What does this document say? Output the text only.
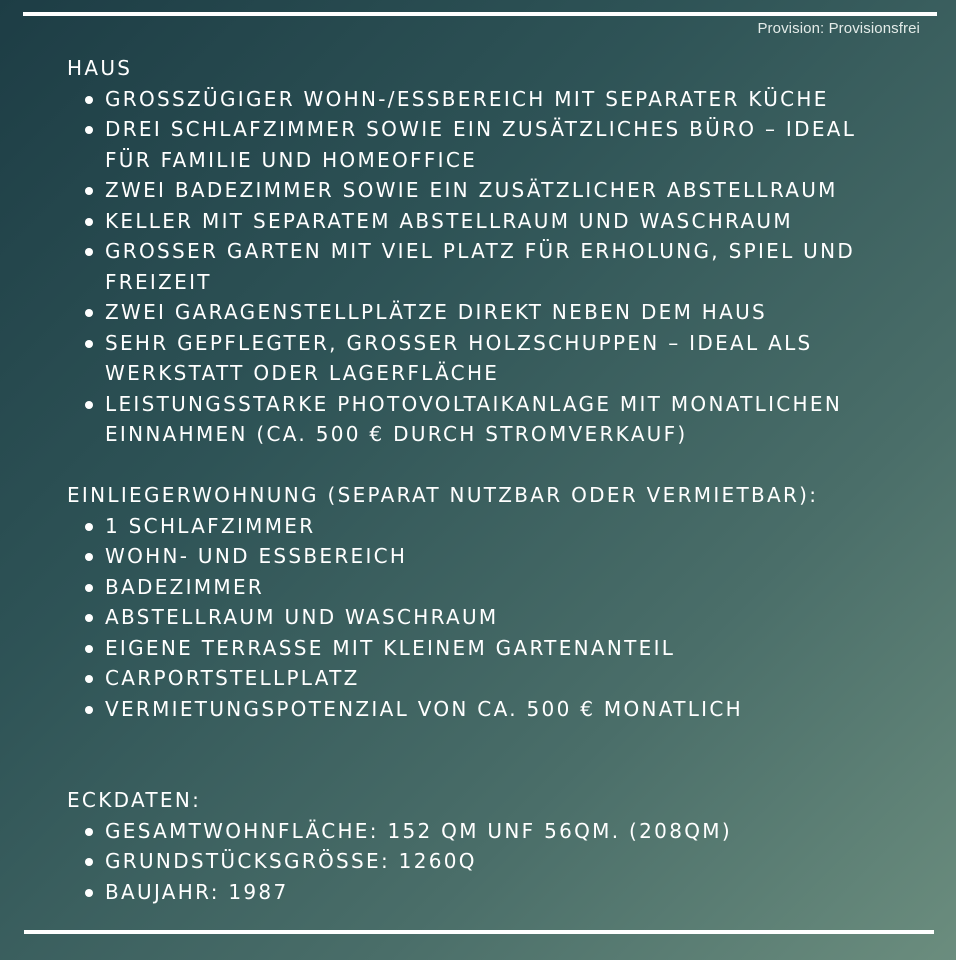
Provision: Provisionsfrei
HAUS
GROSSZÜGIGER WOHN-/ESSBEREICH MIT SEPARATER KÜCHE
DREI SCHLAFZIMMER SOWIE EIN ZUSÄTZLICHES BÜRO – IDEAL
FÜR FAMILIE UND HOMEOFFICE
ZWEI BADEZIMMER SOWIE EIN ZUSÄTZLICHER ABSTELLRAUM
KELLER MIT SEPARATEM ABSTELLRAUM UND WASCHRAUM
GROSSER GARTEN MIT VIEL PLATZ FÜR ERHOLUNG, SPIEL UND
FREIZEIT
ZWEI GARAGENSTELLPLÄTZE DIREKT NEBEN DEM HAUS
SEHR GEPFLEGTER, GROSSER HOLZSCHUPPEN – IDEAL ALS
WERKSTATT ODER LAGERFLÄCHE
LEISTUNGSSTARKE PHOTOVOLTAIKANLAGE MIT MONATLICHEN
EINNAHMEN (CA. 500 € DURCH STROMVERKAUF)
EINLIEGERWOHNUNG (SEPARAT NUTZBAR ODER VERMIETBAR):
1 SCHLAFZIMMER
WOHN- UND ESSBEREICH
BADEZIMMER
ABSTELLRAUM UND WASCHRAUM
EIGENE TERRASSE MIT KLEINEM GARTENANTEIL
CARPORTSTELLPLATZ
VERMIETUNGSPOTENZIAL VON CA. 500 € MONATLICH
ECKDATEN:
GESAMTWOHNFLÄCHE: 152 QM UNF 56QM. (208QM)
GRUNDSTÜCKSGRÖSSE: 1260Q
BAUJAHR: 1987
